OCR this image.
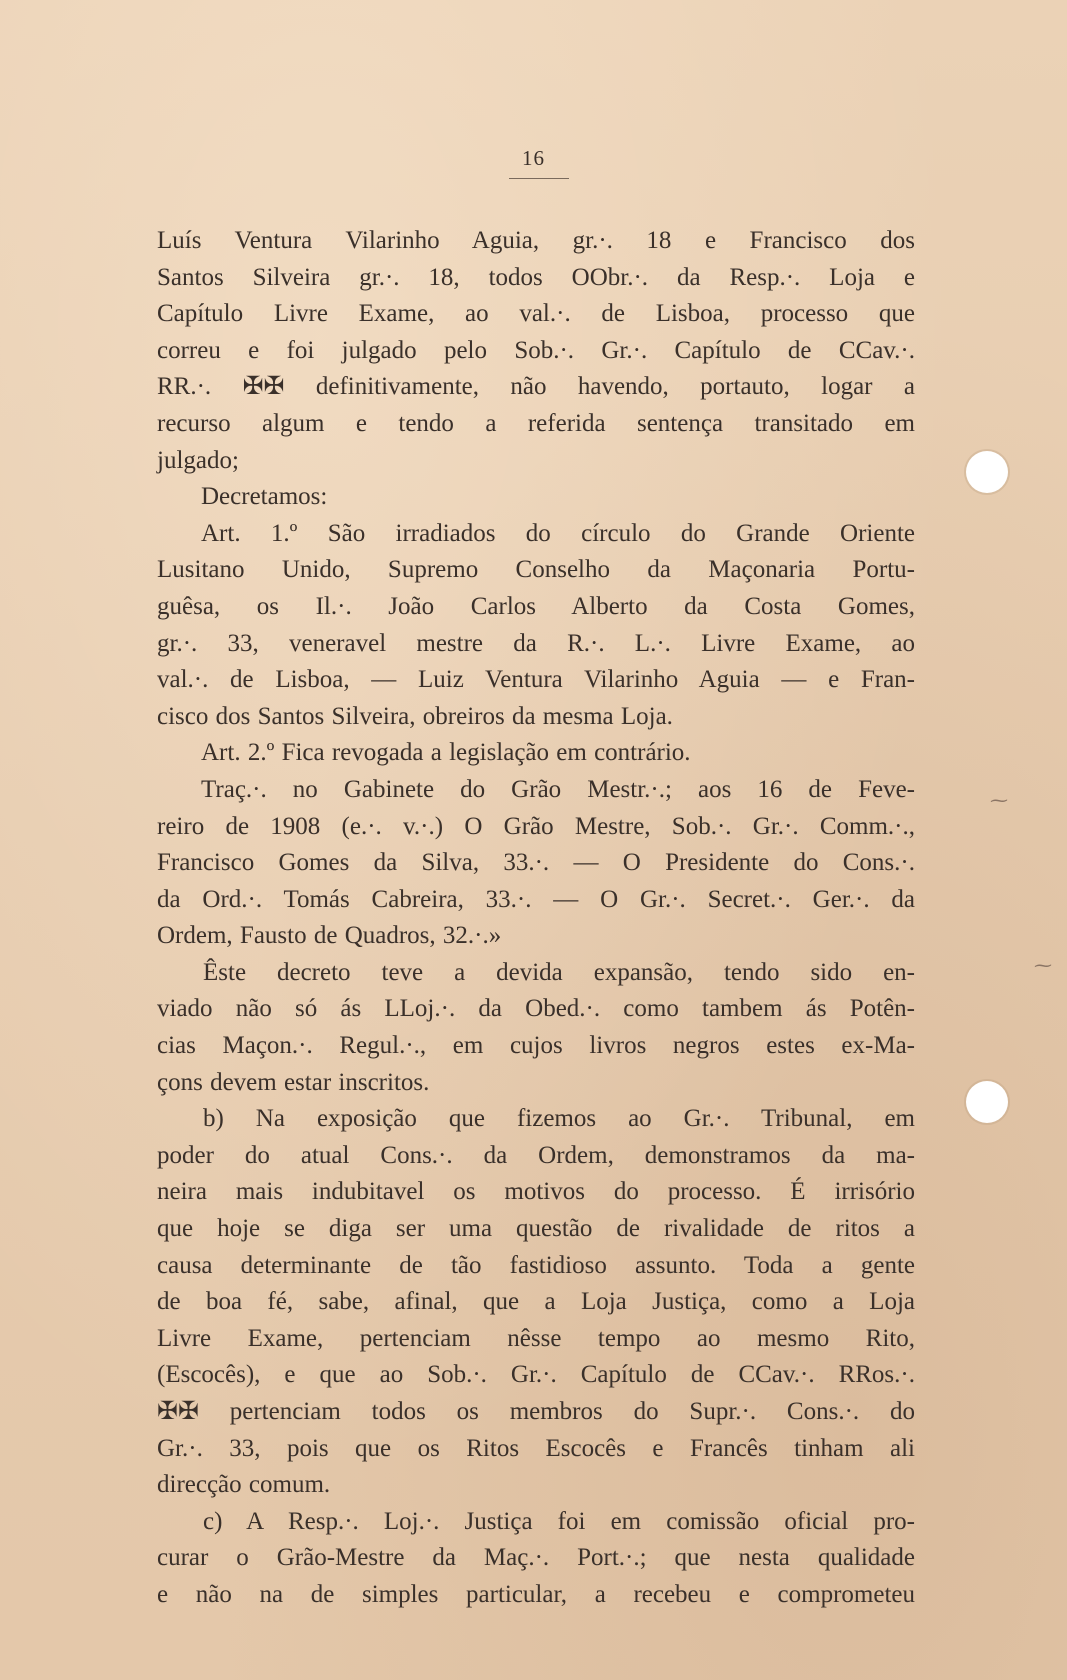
16
⁓
⁓
Luís Ventura Vilarinho Aguia, gr.·. 18 e Francisco dos
Santos Silveira gr.·. 18, todos OObr.·. da Resp.·. Loja e
Capítulo Livre Exame, ao val.·. de Lisboa, processo que
correu e foi julgado pelo Sob.·. Gr.·. Capítulo de CCav.·.
RR.·. ✠✠ definitivamente, não havendo, portauto, logar a
recurso algum e tendo a referida sentença transitado em
julgado;
Decretamos:
Art. 1.º São irradiados do círculo do Grande Oriente
Lusitano Unido, Supremo Conselho da Maçonaria Portu-
guêsa, os Il.·. João Carlos Alberto da Costa Gomes,
gr.·. 33, veneravel mestre da R.·. L.·. Livre Exame, ao
val.·. de Lisboa, — Luiz Ventura Vilarinho Aguia — e Fran-
cisco dos Santos Silveira, obreiros da mesma Loja.
Art. 2.º Fica revogada a legislação em contrário.
Traç.·. no Gabinete do Grão Mestr.·.; aos 16 de Feve-
reiro de 1908 (e.·. v.·.) O Grão Mestre, Sob.·. Gr.·. Comm.·.,
Francisco Gomes da Silva, 33.·. — O Presidente do Cons.·.
da Ord.·. Tomás Cabreira, 33.·. — O Gr.·. Secret.·. Ger.·. da
Ordem, Fausto de Quadros, 32.·.»
Êste decreto teve a devida expansão, tendo sido en-
viado não só ás LLoj.·. da Obed.·. como tambem ás Potên-
cias Maçon.·. Regul.·., em cujos livros negros estes ex-Ma-
çons devem estar inscritos.
b) Na exposição que fizemos ao Gr.·. Tribunal, em
poder do atual Cons.·. da Ordem, demonstramos da ma-
neira mais indubitavel os motivos do processo. É irrisório
que hoje se diga ser uma questão de rivalidade de ritos a
causa determinante de tão fastidioso assunto. Toda a gente
de boa fé, sabe, afinal, que a Loja Justiça, como a Loja
Livre Exame, pertenciam nêsse tempo ao mesmo Rito,
(Escocês), e que ao Sob.·. Gr.·. Capítulo de CCav.·. RRos.·.
✠✠ pertenciam todos os membros do Supr.·. Cons.·. do
Gr.·. 33, pois que os Ritos Escocês e Francês tinham ali
direcção comum.
c) A Resp.·. Loj.·. Justiça foi em comissão oficial pro-
curar o Grão-Mestre da Maç.·. Port.·.; que nesta qualidade
e não na de simples particular, a recebeu e comprometeu
